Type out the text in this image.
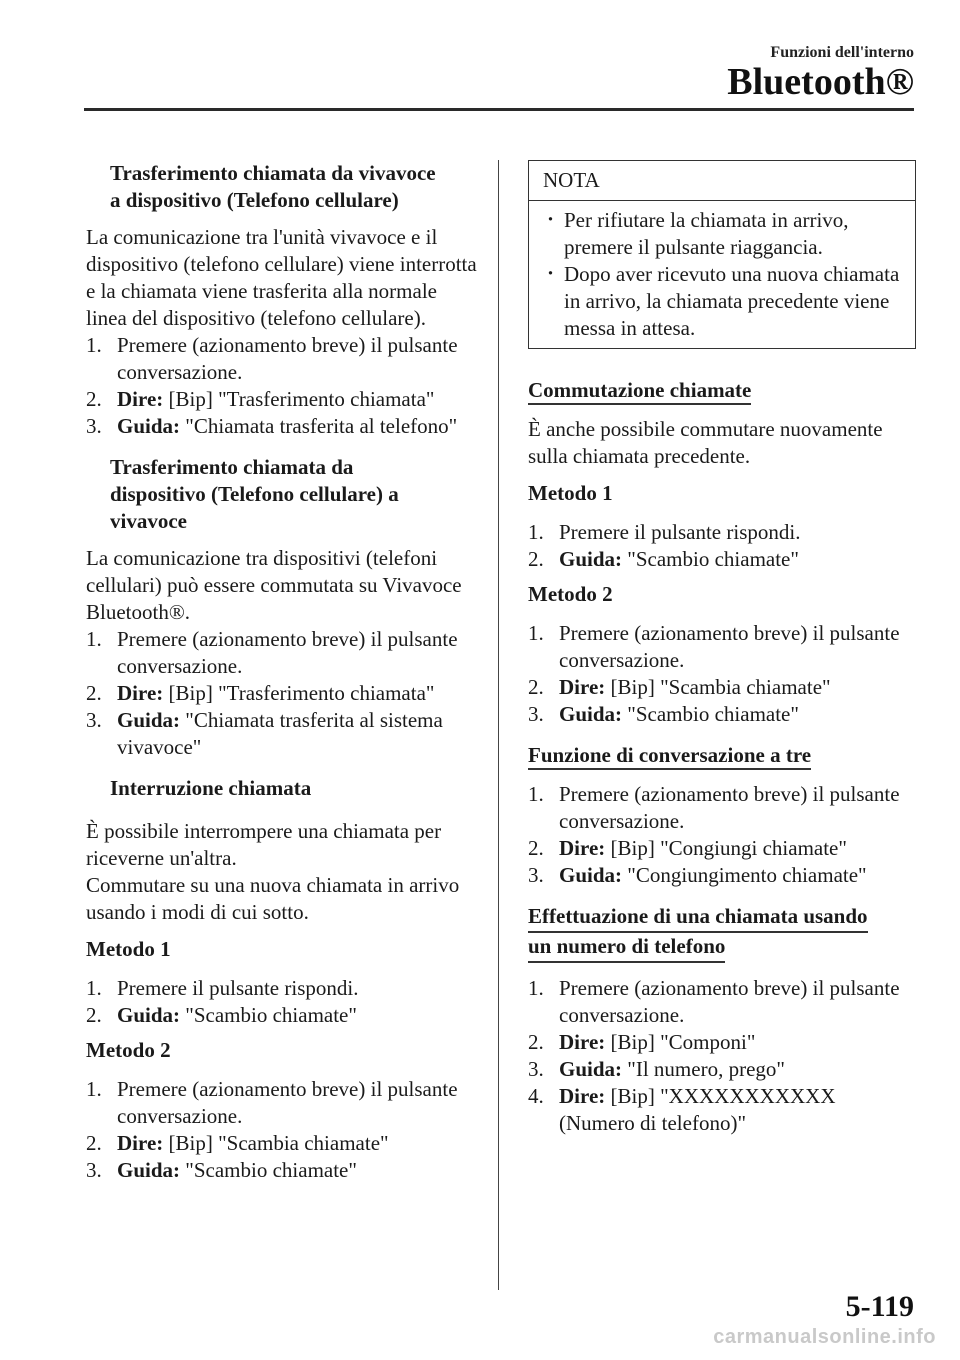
Funzioni dell'interno
Bluetooth®
Trasferimento chiamata da vivavoce
a dispositivo (Telefono cellulare)
La comunicazione tra l'unità vivavoce e il dispositivo (telefono cellulare) viene interrotta e la chiamata viene trasferita alla normale linea del dispositivo (telefono cellulare).
1. Premere (azionamento breve) il pulsante conversazione.
2. Dire: [Bip] "Trasferimento chiamata"
3. Guida: "Chiamata trasferita al telefono"
Trasferimento chiamata da
dispositivo (Telefono cellulare) a
vivavoce
La comunicazione tra dispositivi (telefoni cellulari) può essere commutata su Vivavoce Bluetooth®.
1. Premere (azionamento breve) il pulsante conversazione.
2. Dire: [Bip] "Trasferimento chiamata"
3. Guida: "Chiamata trasferita al sistema vivavoce"
Interruzione chiamata
È possibile interrompere una chiamata per riceverne un'altra.
Commutare su una nuova chiamata in arrivo usando i modi di cui sotto.
Metodo 1
1. Premere il pulsante rispondi.
2. Guida: "Scambio chiamate"
Metodo 2
1. Premere (azionamento breve) il pulsante conversazione.
2. Dire: [Bip] "Scambia chiamate"
3. Guida: "Scambio chiamate"
NOTA
· Per rifiutare la chiamata in arrivo, premere il pulsante riaggancia.
· Dopo aver ricevuto una nuova chiamata in arrivo, la chiamata precedente viene messa in attesa.
Commutazione chiamate
È anche possibile commutare nuovamente sulla chiamata precedente.
Metodo 1
1. Premere il pulsante rispondi.
2. Guida: "Scambio chiamate"
Metodo 2
1. Premere (azionamento breve) il pulsante conversazione.
2. Dire: [Bip] "Scambia chiamate"
3. Guida: "Scambio chiamate"
Funzione di conversazione a tre
1. Premere (azionamento breve) il pulsante conversazione.
2. Dire: [Bip] "Congiungi chiamate"
3. Guida: "Congiungimento chiamate"
Effettuazione di una chiamata usando
un numero di telefono
1. Premere (azionamento breve) il pulsante conversazione.
2. Dire: [Bip] "Componi"
3. Guida: "Il numero, prego"
4. Dire: [Bip] "XXXXXXXXXXX (Numero di telefono)"
5-119
carmanualsonline.info
